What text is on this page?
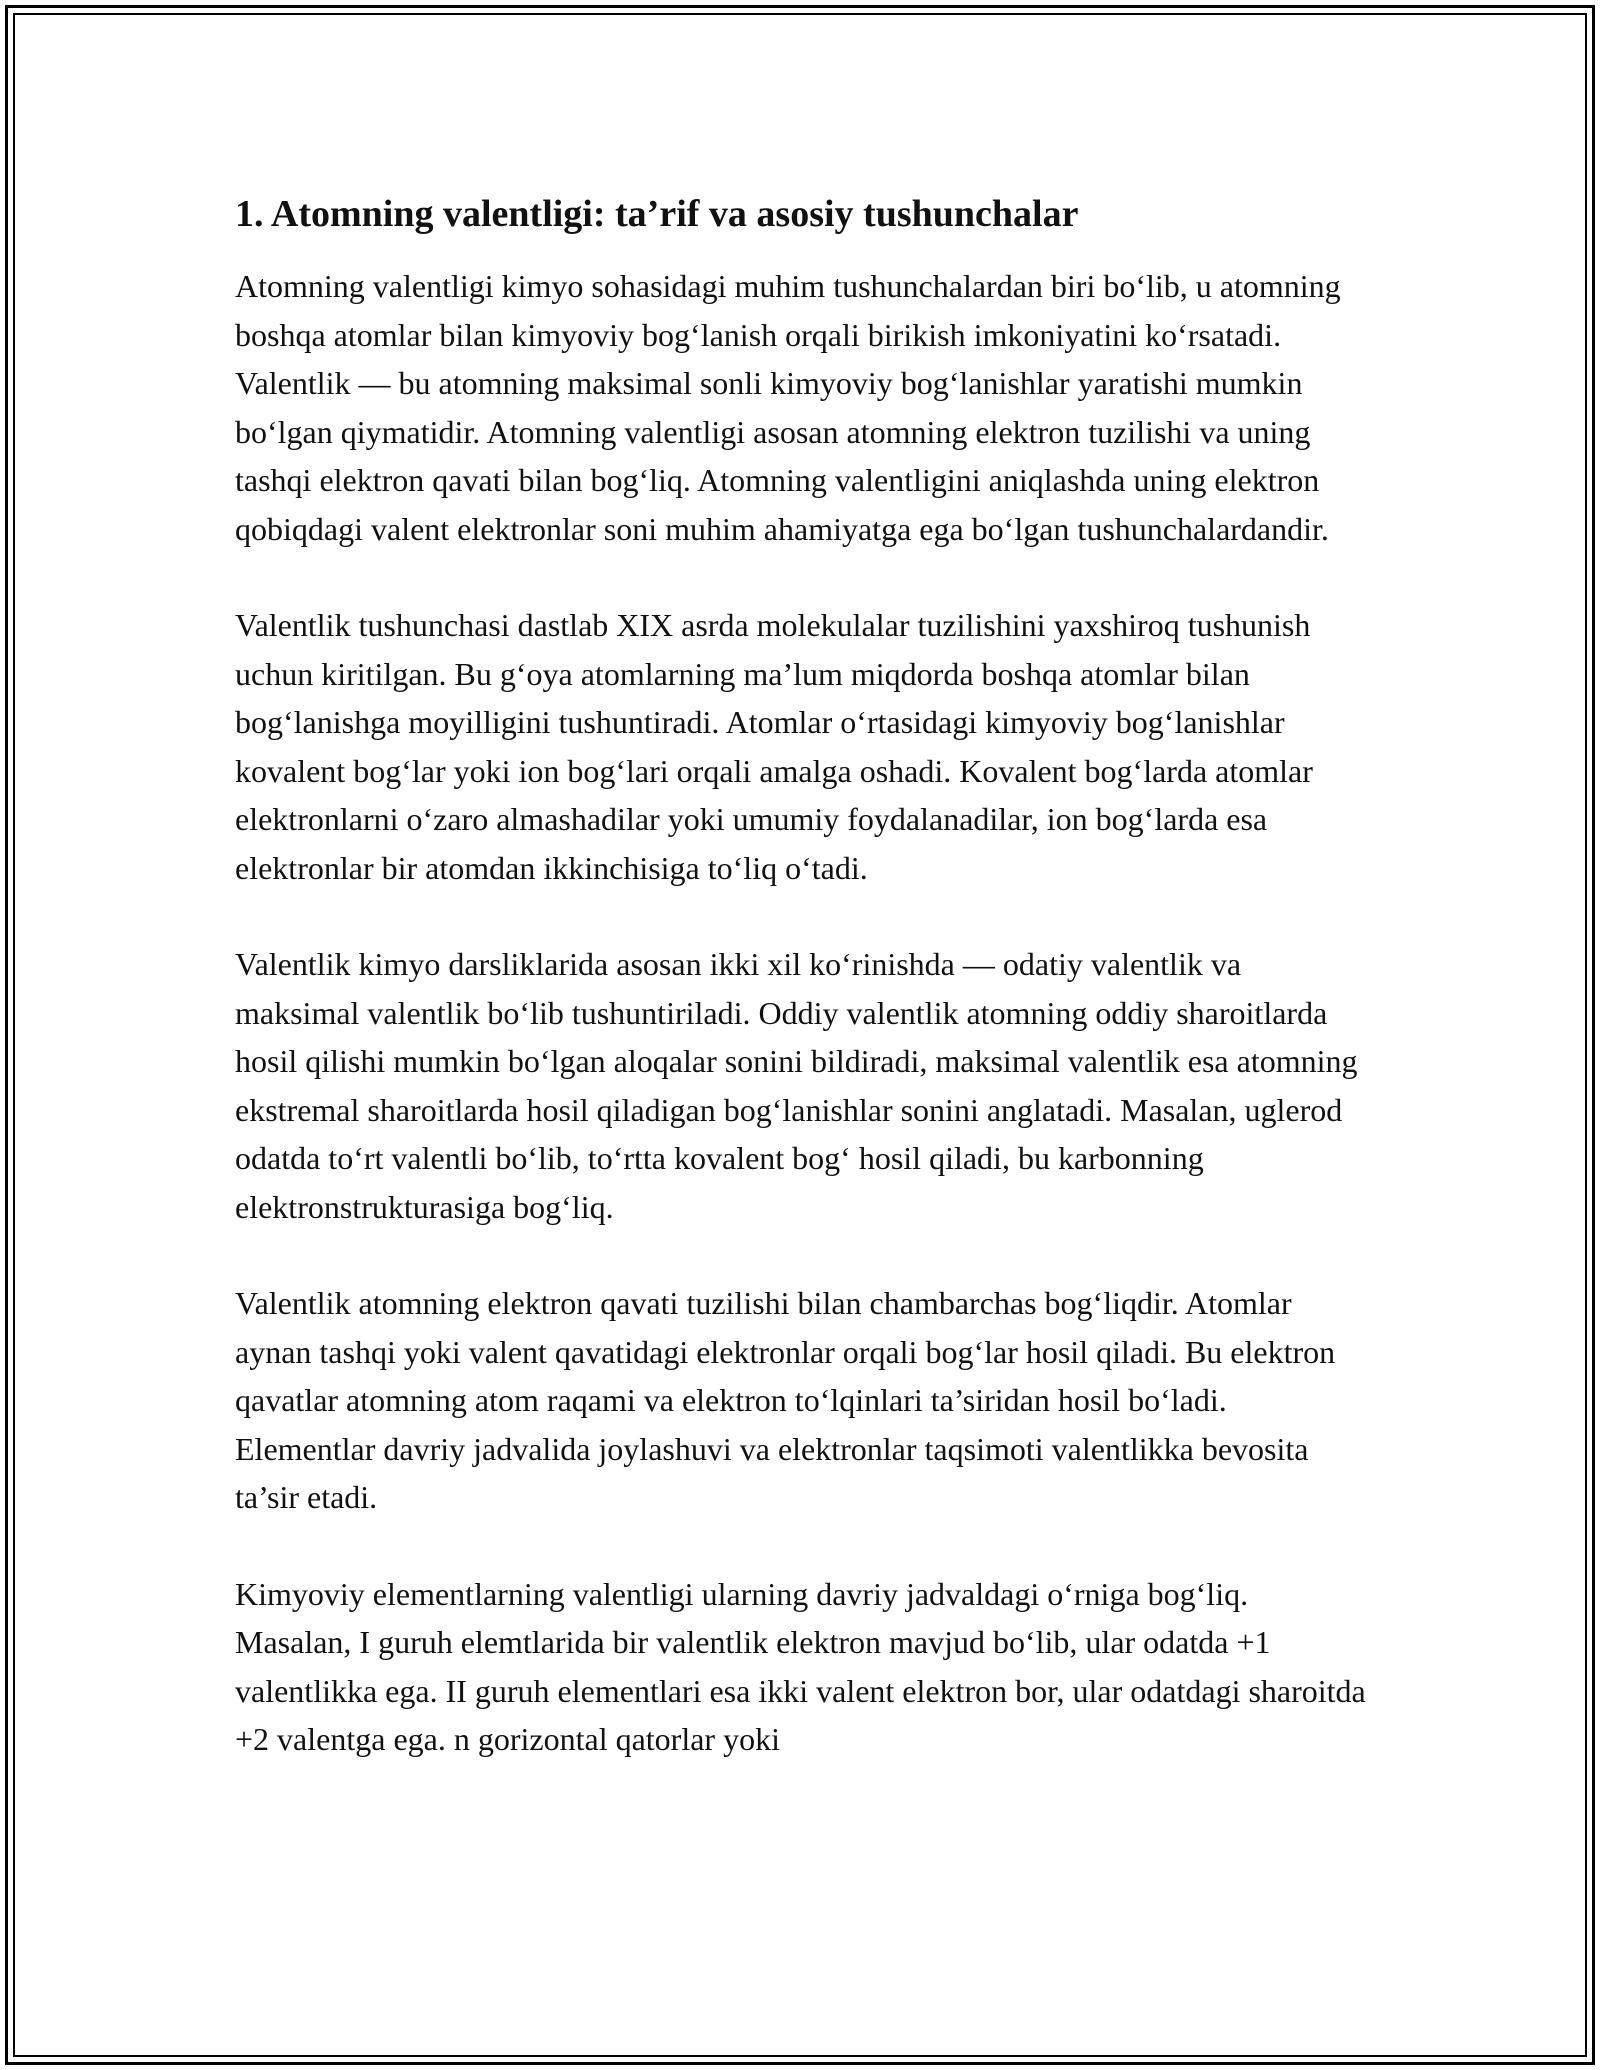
1. Atomning valentligi: ta’rif va asosiy tushunchalar

Atomning valentligi kimyo sohasidagi muhim tushunchalardan biri bo‘lib, u atomning boshqa atomlar bilan kimyoviy bog‘lanish orqali birikish imkoniyatini ko‘rsatadi. Valentlik — bu atomning maksimal sonli kimyoviy bog‘lanishlar yaratishi mumkin bo‘lgan qiymatidir. Atomning valentligi asosan atomning elektron tuzilishi va uning tashqi elektron qavati bilan bog‘liq. Atomning valentligini aniqlashda uning elektron qobiqdagi valent elektronlar soni muhim ahamiyatga ega bo‘lgan tushunchalardandir.

Valentlik tushunchasi dastlab XIX asrda molekulalar tuzilishini yaxshiroq tushunish uchun kiritilgan. Bu g‘oya atomlarning ma’lum miqdorda boshqa atomlar bilan bog‘lanishga moyilligini tushuntiradi. Atomlar o‘rtasidagi kimyoviy bog‘lanishlar kovalent bog‘lar yoki ion bog‘lari orqali amalga oshadi. Kovalent bog‘larda atomlar elektronlarni o‘zaro almashadilar yoki umumiy foydalanadilar, ion bog‘larda esa elektronlar bir atomdan ikkinchisiga to‘liq o‘tadi.

Valentlik kimyo darsliklarida asosan ikki xil ko‘rinishda — odatiy valentlik va maksimal valentlik bo‘lib tushuntiriladi. Oddiy valentlik atomning oddiy sharoitlarda hosil qilishi mumkin bo‘lgan aloqalar sonini bildiradi, maksimal valentlik esa atomning ekstremal sharoitlarda hosil qiladigan bog‘lanishlar sonini anglatadi. Masalan, uglerod odatda to‘rt valentli bo‘lib, to‘rtta kovalent bog‘ hosil qiladi, bu karbonning elektronstrukturasiga bog‘liq.

Valentlik atomning elektron qavati tuzilishi bilan chambarchas bog‘liqdir. Atomlar aynan tashqi yoki valent qavatidagi elektronlar orqali bog‘lar hosil qiladi. Bu elektron qavatlar atomning atom raqami va elektron to‘lqinlari ta’siridan hosil bo‘ladi. Elementlar davriy jadvalida joylashuvi va elektronlar taqsimoti valentlikka bevosita ta’sir etadi.

Kimyoviy elementlarning valentligi ularning davriy jadvaldagi o‘rniga bog‘liq. Masalan, I guruh elemtlarida bir valentlik elektron mavjud bo‘lib, ular odatda +1 valentlikka ega. II guruh elementlari esa ikki valent elektron bor, ular odatdagi sharoitda +2 valentga ega. n gorizontal qatorlar yoki
